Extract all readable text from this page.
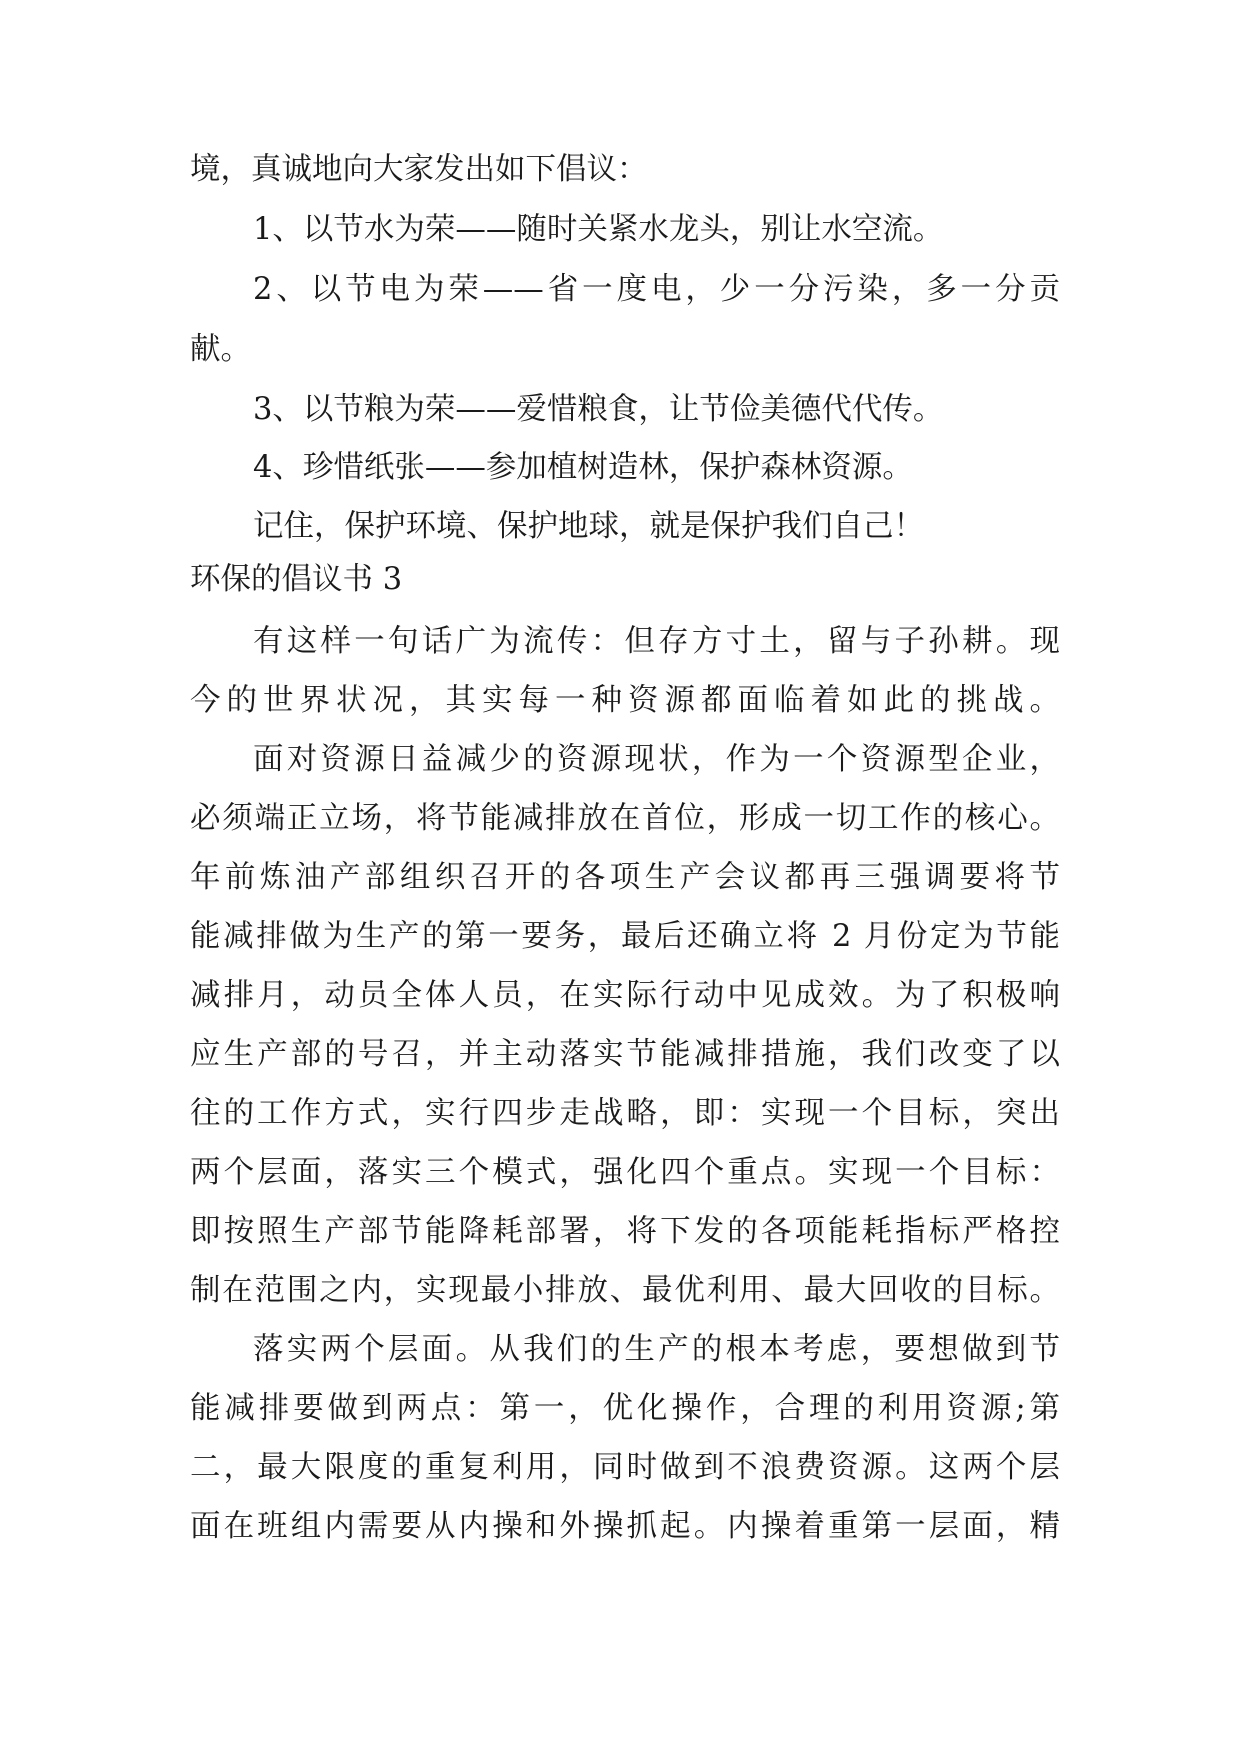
境，真诚地向大家发出如下倡议：
1、以节水为荣——随时关紧水龙头，别让水空流。
2、以节电为荣——省一度电，少一分污染，多一分贡
献。
3、以节粮为荣——爱惜粮食，让节俭美德代代传。
4、珍惜纸张——参加植树造林，保护森林资源。
记住，保护环境、保护地球，就是保护我们自己！
环保的倡议书 3
有这样一句话广为流传：但存方寸土，留与子孙耕。现
今的世界状况，其实每一种资源都面临着如此的挑战。
面对资源日益减少的资源现状，作为一个资源型企业，
必须端正立场，将节能减排放在首位，形成一切工作的核心。
年前炼油产部组织召开的各项生产会议都再三强调要将节
能减排做为生产的第一要务，最后还确立将 2 月份定为节能
减排月，动员全体人员，在实际行动中见成效。为了积极响
应生产部的号召，并主动落实节能减排措施，我们改变了以
往的工作方式，实行四步走战略，即：实现一个目标，突出
两个层面，落实三个模式，强化四个重点。实现一个目标：
即按照生产部节能降耗部署，将下发的各项能耗指标严格控
制在范围之内，实现最小排放、最优利用、最大回收的目标。
落实两个层面。从我们的生产的根本考虑，要想做到节
能减排要做到两点：第一，优化操作，合理的利用资源;第
二，最大限度的重复利用，同时做到不浪费资源。这两个层
面在班组内需要从内操和外操抓起。内操着重第一层面，精
